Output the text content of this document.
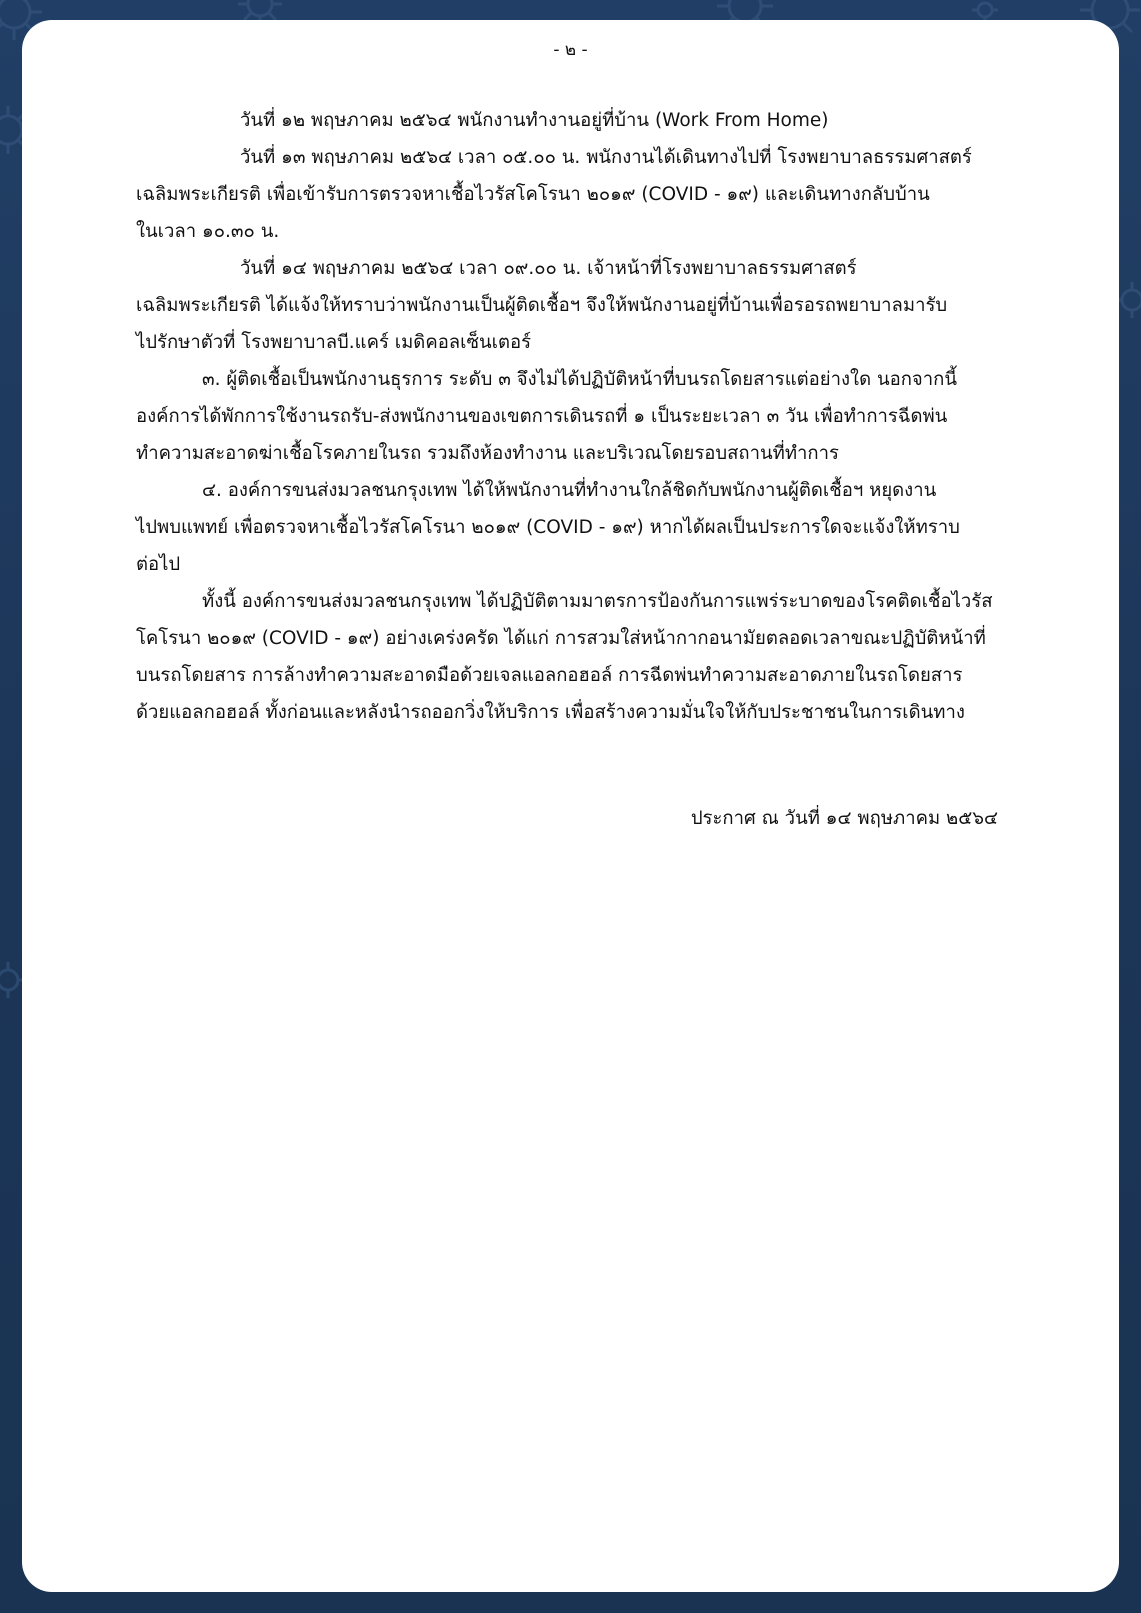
- ๒ -

วันที่ ๑๒ พฤษภาคม ๒๕๖๔ พนักงานทำงานอยู่ที่บ้าน (Work From Home)

วันที่ ๑๓ พฤษภาคม ๒๕๖๔ เวลา ๐๕.๐๐ น. พนักงานได้เดินทางไปที่ โรงพยาบาลธรรมศาสตร์
เฉลิมพระเกียรติ เพื่อเข้ารับการตรวจหาเชื้อไวรัสโคโรนา ๒๐๑๙ (COVID - ๑๙) และเดินทางกลับบ้าน
ในเวลา ๑๐.๓๐ น.

วันที่ ๑๔ พฤษภาคม ๒๕๖๔ เวลา ๐๙.๐๐ น. เจ้าหน้าที่โรงพยาบาลธรรมศาสตร์
เฉลิมพระเกียรติ ได้แจ้งให้ทราบว่าพนักงานเป็นผู้ติดเชื้อฯ จึงให้พนักงานอยู่ที่บ้านเพื่อรอรถพยาบาลมารับ
ไปรักษาตัวที่ โรงพยาบาลบี.แคร์ เมดิคอลเซ็นเตอร์

๓. ผู้ติดเชื้อเป็นพนักงานธุรการ ระดับ ๓ จึงไม่ได้ปฏิบัติหน้าที่บนรถโดยสารแต่อย่างใด นอกจากนี้
องค์การได้พักการใช้งานรถรับ-ส่งพนักงานของเขตการเดินรถที่ ๑ เป็นระยะเวลา ๓ วัน เพื่อทำการฉีดพ่น
ทำความสะอาดฆ่าเชื้อโรคภายในรถ รวมถึงห้องทำงาน และบริเวณโดยรอบสถานที่ทำการ

๔. องค์การขนส่งมวลชนกรุงเทพ ได้ให้พนักงานที่ทำงานใกล้ชิดกับพนักงานผู้ติดเชื้อฯ หยุดงาน
ไปพบแพทย์ เพื่อตรวจหาเชื้อไวรัสโคโรนา ๒๐๑๙ (COVID - ๑๙) หากได้ผลเป็นประการใดจะแจ้งให้ทราบ
ต่อไป

ทั้งนี้ องค์การขนส่งมวลชนกรุงเทพ ได้ปฏิบัติตามมาตรการป้องกันการแพร่ระบาดของโรคติดเชื้อไวรัส
โคโรนา ๒๐๑๙ (COVID - ๑๙) อย่างเคร่งครัด ได้แก่ การสวมใส่หน้ากากอนามัยตลอดเวลาขณะปฏิบัติหน้าที่
บนรถโดยสาร การล้างทำความสะอาดมือด้วยเจลแอลกอฮอล์ การฉีดพ่นทำความสะอาดภายในรถโดยสาร
ด้วยแอลกอฮอล์ ทั้งก่อนและหลังนำรถออกวิ่งให้บริการ เพื่อสร้างความมั่นใจให้กับประชาชนในการเดินทาง

ประกาศ ณ วันที่ ๑๔ พฤษภาคม ๒๕๖๔
